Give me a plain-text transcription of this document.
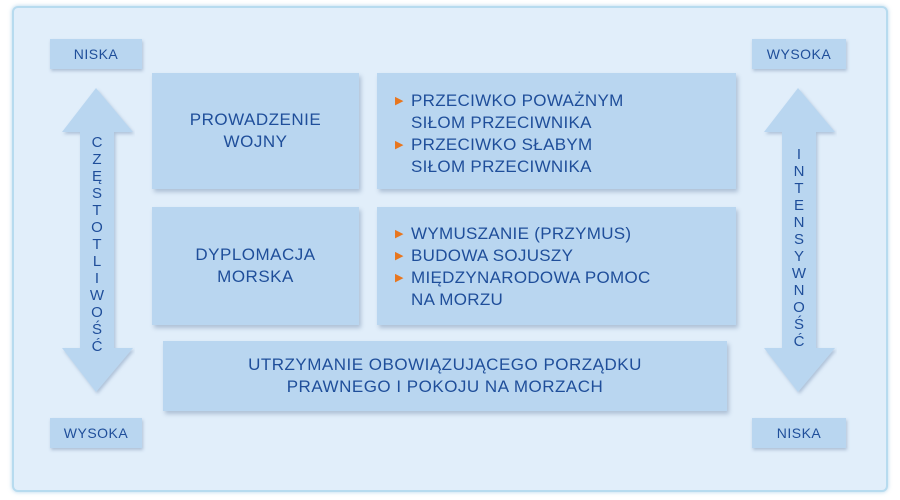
NISKA
WYSOKA
C
Z
Ę
S
T
O
T
L
I
W
O
Ś
Ć
WYSOKA
NISKA
I
N
T
E
N
S
Y
W
N
O
Ś
Ć
PROWADZENIE
WOJNY
▶ PRZECIWKO POWAŻNYM
SIŁOM PRZECIWNIKA
▶ PRZECIWKO SŁABYM
SIŁOM PRZECIWNIKA
DYPLOMACJA
MORSKA
▶ WYMUSZANIE (PRZYMUS)
▶ BUDOWA SOJUSZY
▶ MIĘDZYNARODOWA POMOC
NA MORZU
UTRZYMANIE OBOWIĄZUJĄCEGO PORZĄDKU
PRAWNEGO I POKOJU NA MORZACH
